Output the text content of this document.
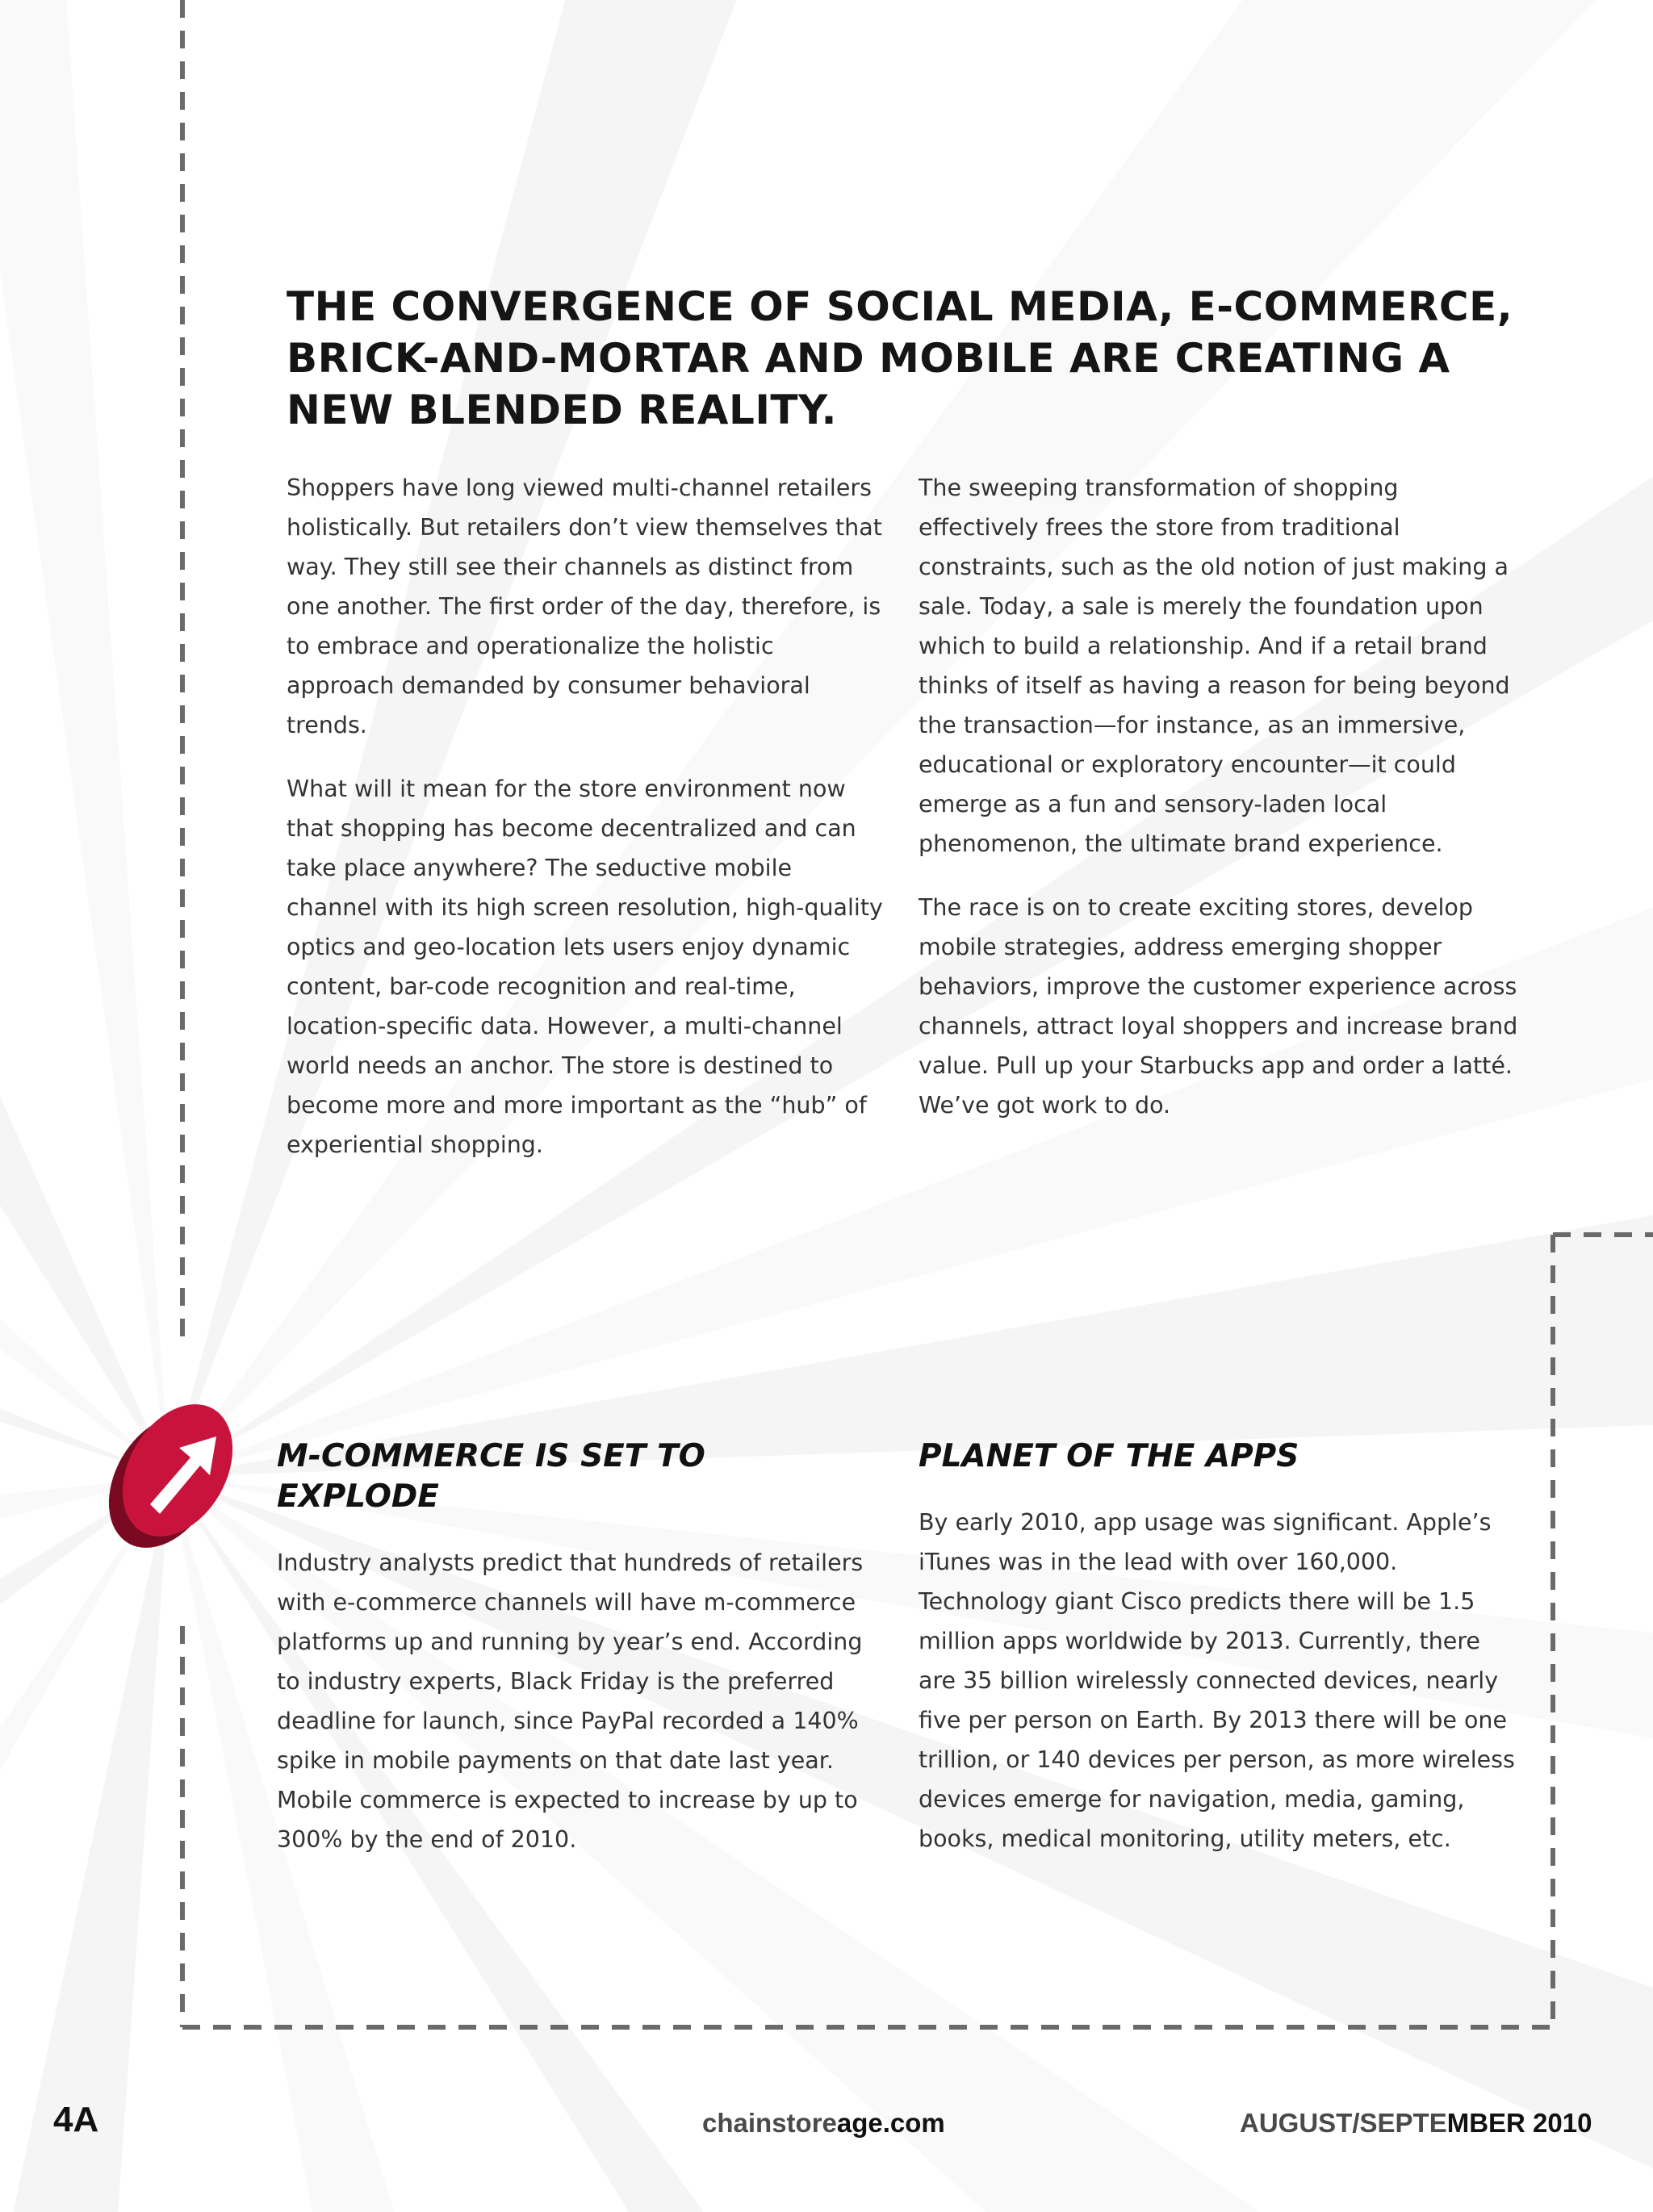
THE CONVERGENCE OF SOCIAL MEDIA, E-COMMERCE, BRICK-AND-MORTAR AND MOBILE ARE CREATING A NEW BLENDED REALITY.

Shoppers have long viewed multi-channel retailers holistically. But retailers don’t view themselves that way. They still see their channels as distinct from one another. The first order of the day, therefore, is to embrace and operationalize the holistic approach demanded by consumer behavioral trends.

What will it mean for the store environment now that shopping has become decentralized and can take place anywhere? The seductive mobile channel with its high screen resolution, high-quality optics and geo-location lets users enjoy dynamic content, bar-code recognition and real-time, location-specific data. However, a multi-channel world needs an anchor. The store is destined to become more and more important as the “hub” of experiential shopping.

The sweeping transformation of shopping effectively frees the store from traditional constraints, such as the old notion of just making a sale. Today, a sale is merely the foundation upon which to build a relationship. And if a retail brand thinks of itself as having a reason for being beyond the transaction—for instance, as an immersive, educational or exploratory encounter—it could emerge as a fun and sensory-laden local phenomenon, the ultimate brand experience.

The race is on to create exciting stores, develop mobile strategies, address emerging shopper behaviors, improve the customer experience across channels, attract loyal shoppers and increase brand value. Pull up your Starbucks app and order a latté. We’ve got work to do.

M-COMMERCE IS SET TO EXPLODE

Industry analysts predict that hundreds of retailers with e-commerce channels will have m-commerce platforms up and running by year’s end. According to industry experts, Black Friday is the preferred deadline for launch, since PayPal recorded a 140% spike in mobile payments on that date last year. Mobile commerce is expected to increase by up to 300% by the end of 2010.

PLANET OF THE APPS

By early 2010, app usage was significant. Apple’s iTunes was in the lead with over 160,000. Technology giant Cisco predicts there will be 1.5 million apps worldwide by 2013. Currently, there are 35 billion wirelessly connected devices, nearly five per person on Earth. By 2013 there will be one trillion, or 140 devices per person, as more wireless devices emerge for navigation, media, gaming, books, medical monitoring, utility meters, etc.

4A	chainstoreage.com	AUGUST/SEPTEMBER 2010
